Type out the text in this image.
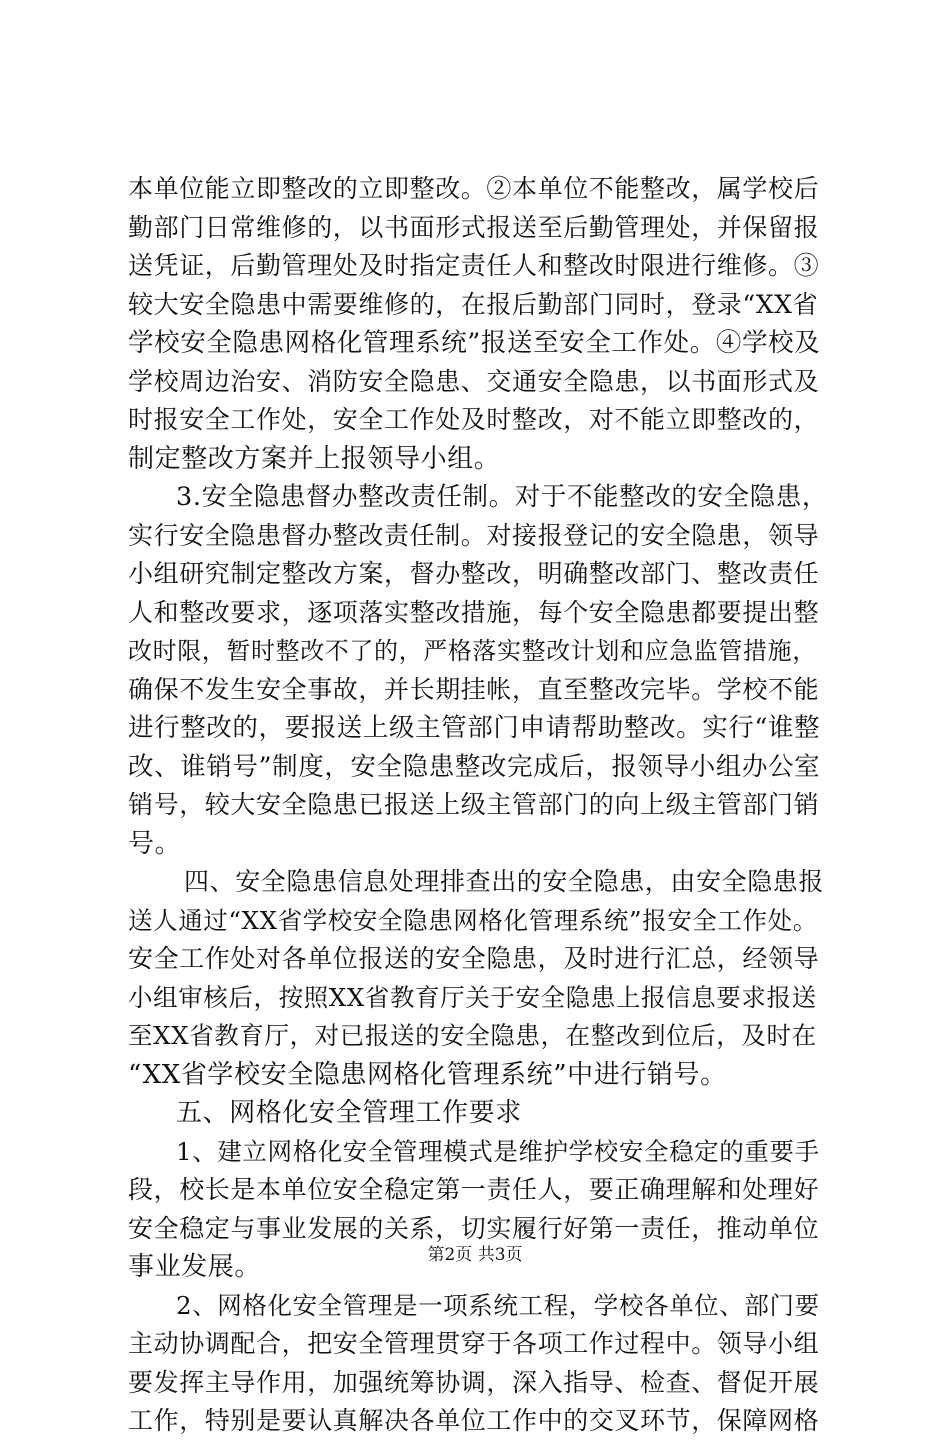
本单位能立即整改的立即整改。②本单位不能整改，属学校后
勤部门日常维修的，以书面形式报送至后勤管理处，并保留报
送凭证，后勤管理处及时指定责任人和整改时限进行维修。③
较大安全隐患中需要维修的，在报后勤部门同时，登录“XX省
学校安全隐患网格化管理系统”报送至安全工作处。④学校及
学校周边治安、消防安全隐患、交通安全隐患，以书面形式及
时报安全工作处，安全工作处及时整改，对不能立即整改的，
制定整改方案并上报领导小组。
3.安全隐患督办整改责任制。对于不能整改的安全隐患，
实行安全隐患督办整改责任制。对接报登记的安全隐患，领导
小组研究制定整改方案，督办整改，明确整改部门、整改责任
人和整改要求，逐项落实整改措施，每个安全隐患都要提出整
改时限，暂时整改不了的，严格落实整改计划和应急监管措施，
确保不发生安全事故，并长期挂帐，直至整改完毕。学校不能
进行整改的，要报送上级主管部门申请帮助整改。实行“谁整
改、谁销号”制度，安全隐患整改完成后，报领导小组办公室
销号，较大安全隐患已报送上级主管部门的向上级主管部门销
号。
四、安全隐患信息处理排查出的安全隐患，由安全隐患报
送人通过“XX省学校安全隐患网格化管理系统”报安全工作处。
安全工作处对各单位报送的安全隐患，及时进行汇总，经领导
小组审核后，按照XX省教育厅关于安全隐患上报信息要求报送
至XX省教育厅，对已报送的安全隐患，在整改到位后，及时在
“XX省学校安全隐患网格化管理系统”中进行销号。
五、网格化安全管理工作要求
1、建立网格化安全管理模式是维护学校安全稳定的重要手
段，校长是本单位安全稳定第一责任人，要正确理解和处理好
安全稳定与事业发展的关系，切实履行好第一责任，推动单位
事业发展。
2、网格化安全管理是一项系统工程，学校各单位、部门要
主动协调配合，把安全管理贯穿于各项工作过程中。领导小组
要发挥主导作用，加强统筹协调，深入指导、检查、督促开展
工作，特别是要认真解决各单位工作中的交叉环节，保障网格
第2页 共3页
